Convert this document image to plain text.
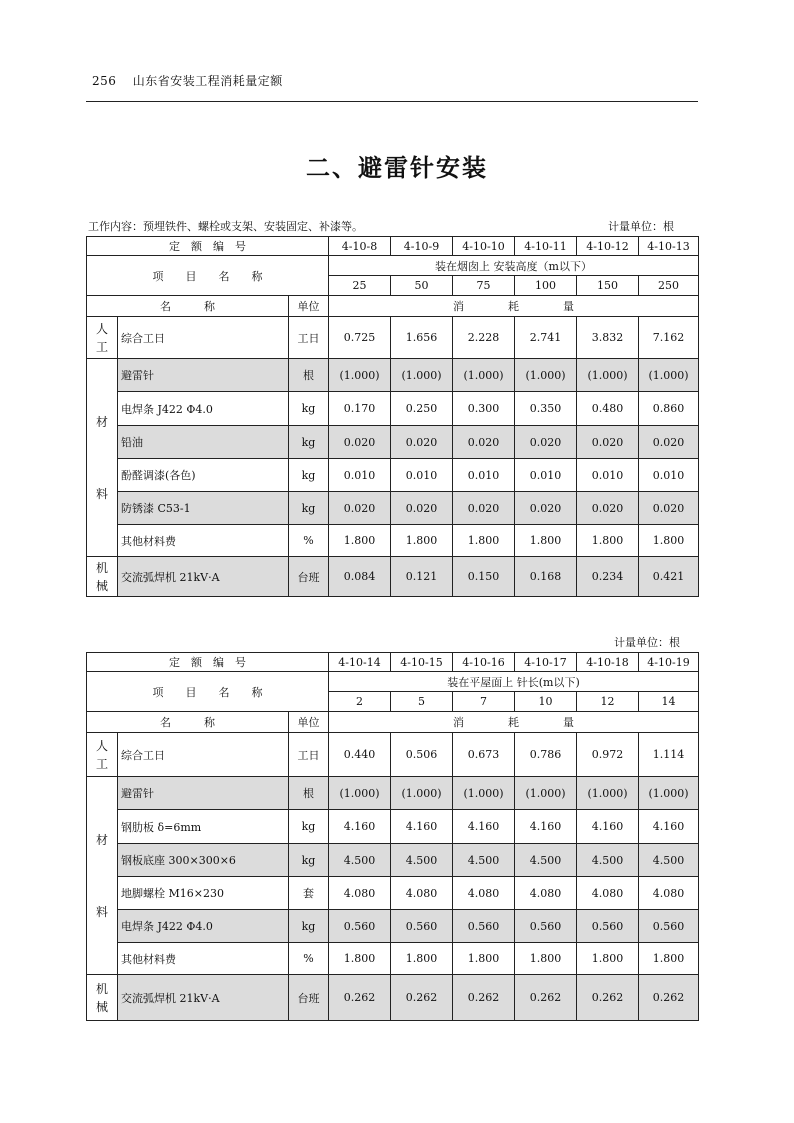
256 山东省安装工程消耗量定额
二、避雷针安装
工作内容：预埋铁件、螺栓或支架、安装固定、补漆等。	计量单位：根
定　额　编　号			4-10-8	4-10-9	4-10-10	4-10-11	4-10-12	4-10-13
项　　目　　名　　称			装在烟囱上 安装高度（m以下）					
			25	50	75	100	150	250
名　　　称		单位	消　　　　耗　　　　量					
人
工	综合工日	工日	0.725	1.656	2.228	2.741	3.832	7.162
材

料	避雷针	根	(1.000)	(1.000)	(1.000)	(1.000)	(1.000)	(1.000)
	电焊条 J422 Φ4.0	kg	0.170	0.250	0.300	0.350	0.480	0.860
	铅油	kg	0.020	0.020	0.020	0.020	0.020	0.020
	酚醛调漆(各色)	kg	0.010	0.010	0.010	0.010	0.010	0.010
	防锈漆 C53-1	kg	0.020	0.020	0.020	0.020	0.020	0.020
	其他材料费	%	1.800	1.800	1.800	1.800	1.800	1.800
机
械	交流弧焊机 21kV·A	台班	0.084	0.121	0.150	0.168	0.234	0.421
计量单位：根
定　额　编　号			4-10-14	4-10-15	4-10-16	4-10-17	4-10-18	4-10-19
项　　目　　名　　称			装在平屋面上 针长(m以下)					
			2	5	7	10	12	14
名　　　称		单位	消　　　　耗　　　　量					
人
工	综合工日	工日	0.440	0.506	0.673	0.786	0.972	1.114
材

料	避雷针	根	(1.000)	(1.000)	(1.000)	(1.000)	(1.000)	(1.000)
	钢肋板 δ=6mm	kg	4.160	4.160	4.160	4.160	4.160	4.160
	钢板底座 300×300×6	kg	4.500	4.500	4.500	4.500	4.500	4.500
	地脚螺栓 M16×230	套	4.080	4.080	4.080	4.080	4.080	4.080
	电焊条 J422 Φ4.0	kg	0.560	0.560	0.560	0.560	0.560	0.560
	其他材料费	%	1.800	1.800	1.800	1.800	1.800	1.800
机
械	交流弧焊机 21kV·A	台班	0.262	0.262	0.262	0.262	0.262	0.262
